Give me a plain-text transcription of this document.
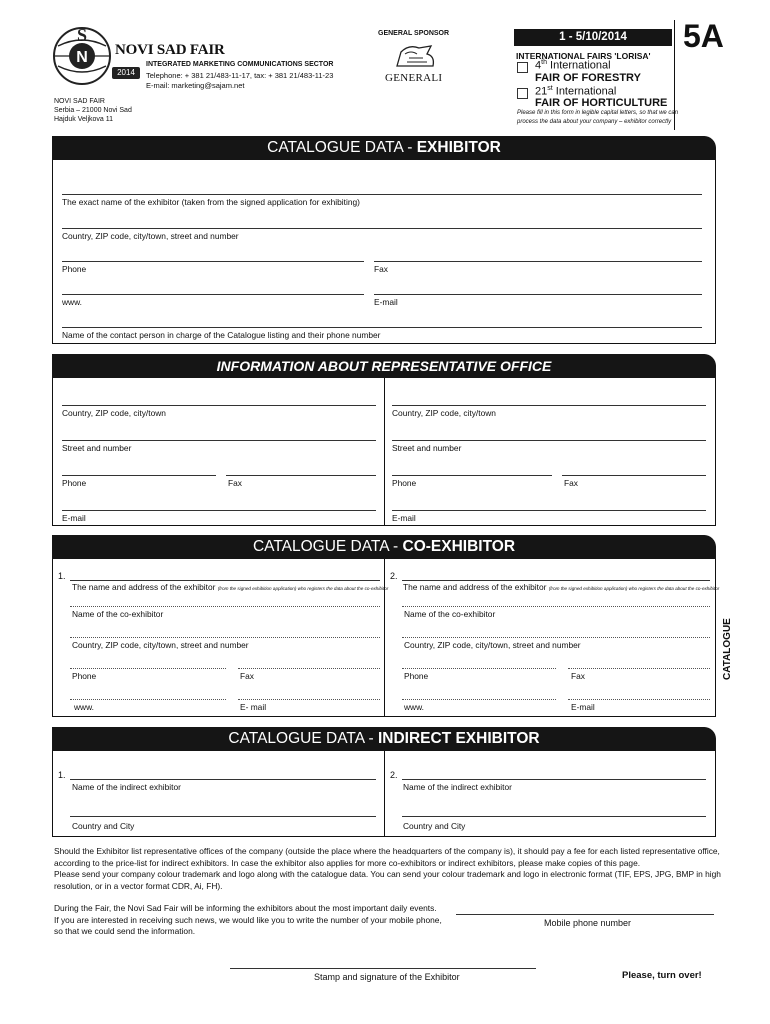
N
S
2014
NOVI SAD FAIR
INTEGRATED MARKETING COMMUNICATIONS SECTOR
Telephone: + 381 21/483-11-17, tax: + 381 21/483-11-23
E-mail: marketing@sajam.net
NOVI SAD FAIR
Serbia – 21000 Novi Sad
Hajduk Veljkova 11
GENERAL SPONSOR
GENERALI
1 - 5/10/2014
INTERNATIONAL FAIRS 'LORISA'
4th International
FAIR OF FORESTRY
21st International
FAIR OF HORTICULTURE
Please fill in this form in legible capital letters, so that we can
process the data about your company – exhibitor correctly
5A
CATALOGUE
CATALOGUE DATA - EXHIBITOR
The exact name of the exhibitor (taken from the signed application for exhibiting)
Country, ZIP code, city/town, street and number
Phone	Fax
www.	E-mail
Name of the contact person in charge of the Catalogue listing and their phone number
INFORMATION ABOUT REPRESENTATIVE OFFICE
Country, ZIP code, city/town
Street and number
Phone	Fax
E-mail
Country, ZIP code, city/town
Street and number
Phone	Fax
E-mail
CATALOGUE DATA - CO-EXHIBITOR
1.
The name and address of the exhibitor (from the signed exhibition application) who registers the data about the co-exhibitor
Name of the co-exhibitor
Country, ZIP code, city/town, street and number
Phone	Fax
www.	E- mail
2.
The name and address of the exhibitor (from the signed exhibition application) who registers the data about the co-exhibitor
Name of the co-exhibitor
Country, ZIP code, city/town, street and number
Phone	Fax
www.	E-mail
CATALOGUE DATA - INDIRECT EXHIBITOR
1.
Name of the indirect exhibitor
Country and City
2.
Name of the indirect exhibitor
Country and City
Should the Exhibitor list representative offices of the company (outside the place where the headquarters of the company is), it should pay a fee for each listed representative office,
according to the price-list for indirect exhibitors. In case the exhibitor also applies for more co-exhibitors or indirect exhibitors, please make copies of this page.
Please send your company colour trademark and logo along with the catalogue data. You can send your colour trademark and logo in electronic format (TIF, EPS, JPG, BMP in high
resolution, or in a vector format CDR, Ai, FH).
During the Fair, the Novi Sad Fair will be informing the exhibitors about the most important daily events.
If you are interested in receiving such news, we would like you to write the number of your mobile phone,
so that we could send the information.
Mobile phone number
Stamp and signature of the Exhibitor	Please, turn over!
